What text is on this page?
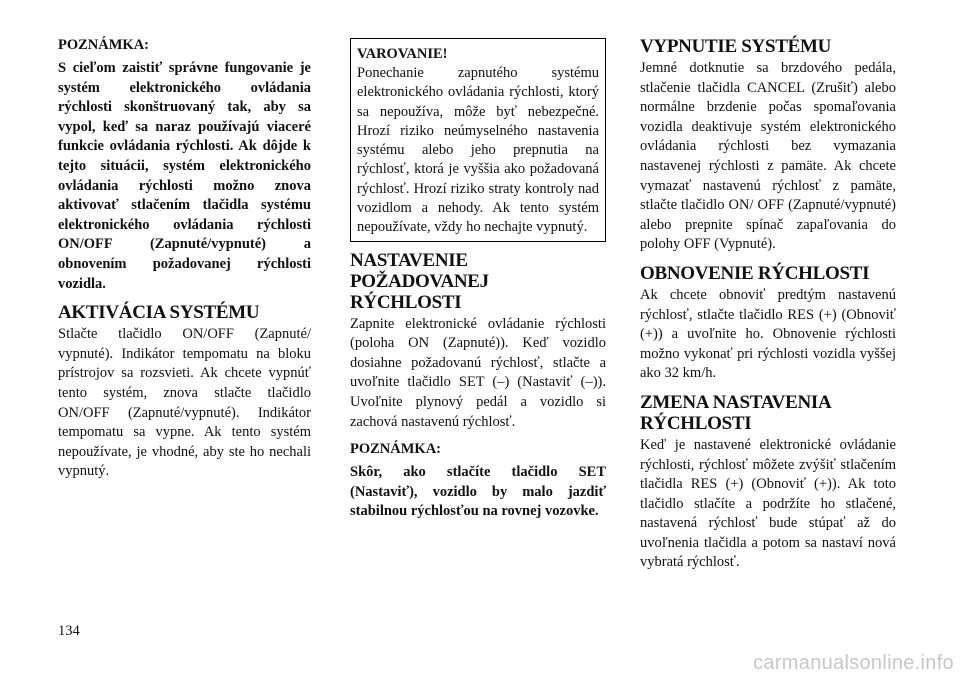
POZNÁMKA:

S cieľom zaistiť správne fungovanie je systém elektronického ovládania rýchlosti skonštruovaný tak, aby sa vypol, keď sa naraz používajú viaceré funkcie ovládania rýchlosti. Ak dôjde k tejto situácii, systém elektronického ovládania rýchlosti možno znova aktivovať stlačením tlačidla systému elektronického ovládania rýchlosti ON/OFF (Zapnuté/vypnuté) a obnovením požadovanej rýchlosti vozidla.

AKTIVÁCIA SYSTÉMU

Stlačte tlačidlo ON/OFF (Zapnuté/ vypnuté). Indikátor tempomatu na bloku prístrojov sa rozsvieti. Ak chcete vypnúť tento systém, znova stlačte tlačidlo ON/OFF (Zapnuté/vypnuté). Indikátor tempomatu sa vypne. Ak tento systém nepoužívate, je vhodné, aby ste ho nechali vypnutý.

VAROVANIE!

Ponechanie zapnutého systému elektronického ovládania rýchlosti, ktorý sa nepoužíva, môže byť nebezpečné. Hrozí riziko neúmyselného nastavenia systému alebo jeho prepnutia na rýchlosť, ktorá je vyššia ako požadovaná rýchlosť. Hrozí riziko straty kontroly nad vozidlom a nehody. Ak tento systém nepoužívate, vždy ho nechajte vypnutý.

NASTAVENIE
POŽADOVANEJ
RÝCHLOSTI

Zapnite elektronické ovládanie rýchlosti (poloha ON (Zapnuté)). Keď vozidlo dosiahne požadovanú rýchlosť, stlačte a uvoľnite tlačidlo SET (–) (Nastaviť (–)). Uvoľnite plynový pedál a vozidlo si zachová nastavenú rýchlosť.

POZNÁMKA:

Skôr, ako stlačíte tlačidlo SET (Nastaviť), vozidlo by malo jazdiť stabilnou rýchlosťou na rovnej vozovke.

VYPNUTIE SYSTÉMU

Jemné dotknutie sa brzdového pedála, stlačenie tlačidla CANCEL (Zrušiť) alebo normálne brzdenie počas spomaľovania vozidla deaktivuje systém elektronického ovládania rýchlosti bez vymazania nastavenej rýchlosti z pamäte. Ak chcete vymazať nastavenú rýchlosť z pamäte, stlačte tlačidlo ON/ OFF (Zapnuté/vypnuté) alebo prepnite spínač zapaľovania do polohy OFF (Vypnuté).

OBNOVENIE RÝCHLOSTI

Ak chcete obnoviť predtým nastavenú rýchlosť, stlačte tlačidlo RES (+) (Obnoviť (+)) a uvoľnite ho. Obnovenie rýchlosti možno vykonať pri rýchlosti vozidla vyššej ako 32 km/h.

ZMENA NASTAVENIA
RÝCHLOSTI

Keď je nastavené elektronické ovládanie rýchlosti, rýchlosť môžete zvýšiť stlačením tlačidla RES (+) (Obnoviť (+)). Ak toto tlačidlo stlačíte a podržíte ho stlačené, nastavená rýchlosť bude stúpať až do uvoľnenia tlačidla a potom sa nastaví nová vybratá rýchlosť.

134
carmanualsonline.info
